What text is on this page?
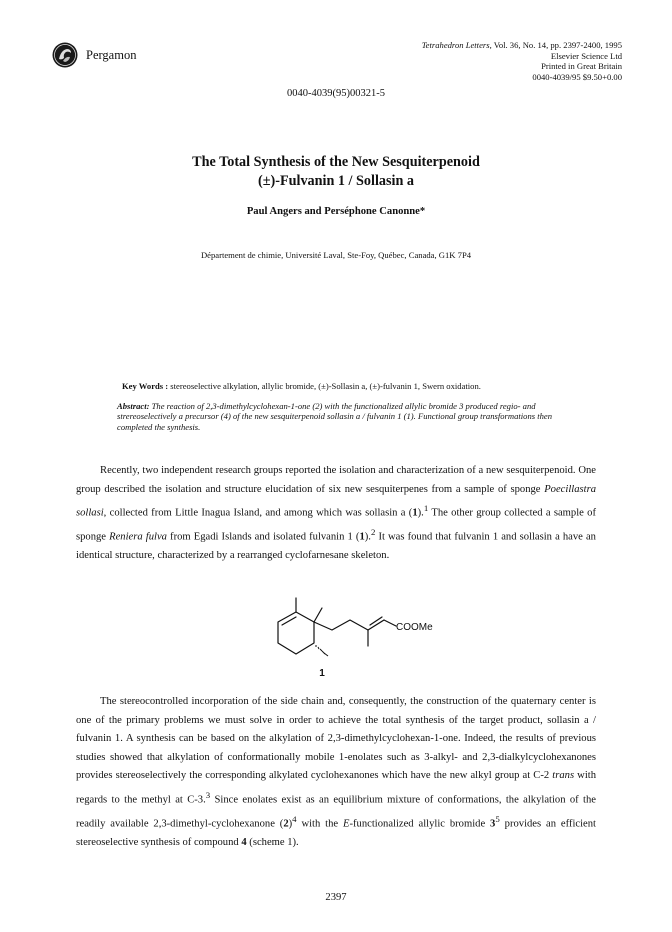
Pergamon
Tetrahedron Letters, Vol. 36, No. 14, pp. 2397-2400, 1995
Elsevier Science Ltd
Printed in Great Britain
0040-4039/95 $9.50+0.00
0040-4039(95)00321-5
The Total Synthesis of the New Sesquiterpenoid
(±)-Fulvanin 1 / Sollasin a
Paul Angers and Perséphone Canonne*
Département de chimie, Université Laval, Ste-Foy, Québec, Canada, G1K 7P4
Key Words : stereoselective alkylation, allylic bromide, (±)-Sollasin a, (±)-fulvanin 1, Swern oxidation.
Abstract: The reaction of 2,3-dimethylcyclohexan-1-one (2) with the functionalized allylic bromide 3 produced regio- and strereoselectively a precursor (4) of the new sesquiterpenoid sollasin a / fulvanin 1 (1). Functional group transformations then completed the synthesis.

Recently, two independent research groups reported the isolation and characterization of a new sesquiterpenoid. One group described the isolation and structure elucidation of six new sesquiterpenes from a sample of sponge Poecillastra sollasi, collected from Little Inagua Island, and among which was sollasin a (1).$^1$ The other group collected a sample of sponge Reniera fulva from Egadi Islands and isolated fulvanin 1 (1).$^2$ It was found that fulvanin 1 and sollasin a have an identical structure, characterized by a rearranged cyclofarnesane skeleton.

COOMe
1

The stereocontrolled incorporation of the side chain and, consequently, the construction of the quaternary center is one of the primary problems we must solve in order to achieve the total synthesis of the target product, sollasin a / fulvanin 1. A synthesis can be based on the alkylation of 2,3-dimethylcyclohexan-1-one. Indeed, the results of previous studies showed that alkylation of conformationally mobile 1-enolates such as 3-alkyl- and 2,3-dialkylcyclohexanones provides stereoselectively the corresponding alkylated cyclohexanones which have the new alkyl group at C-2 trans with regards to the methyl at C-3.$^3$ Since enolates exist as an equilibrium mixture of conformations, the alkylation of the readily available 2,3-dimethyl-cyclohexanone $(2)^4$ with the E-functionalized allylic bromide $3^5$ provides an efficient stereoselective synthesis of compound 4 (scheme 1).

2397
